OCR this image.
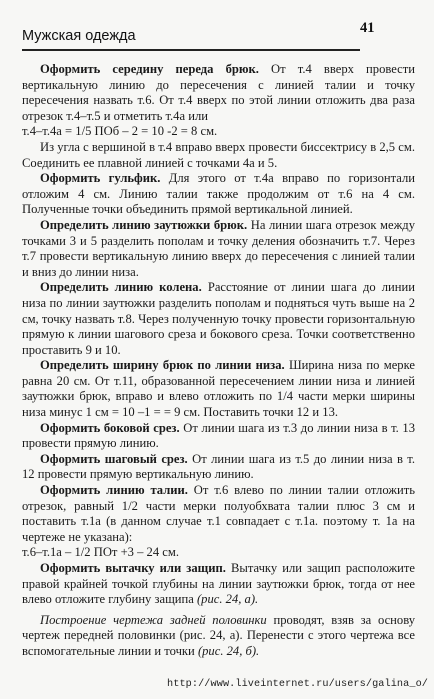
Мужская одежда	41

Оформить середину переда брюк. От т.4 вверх провести вертикальную линию до пересечения с линией талии и точку пересечения назвать т.6. От т.4 вверх по этой линии отложить два раза отрезок т.4–т.5 и отметить т.4а или

т.4–т.4а = 1/5 ПОб – 2 = 10 -2 = 8 см.

Из угла с вершиной в т.4 вправо вверх провести биссектрису в 2,5 см. Соединить ее плавной линией с точками 4а и 5.

Оформить гульфик. Для этого от т.4а вправо по горизонтали отложим 4 см. Линию талии также продолжим от т.6 на 4 см. Полученные точки объединить прямой вертикальной линией.

Определить линию заутюжки брюк. На линии шага отрезок между точками 3 и 5 разделить пополам и точку деления обозначить т.7. Через т.7 провести вертикальную линию вверх до пересечения с линией талии и вниз до линии низа.

Определить линию колена. Расстояние от линии шага до линии низа по линии заутюжки разделить пополам и подняться чуть выше на 2 см, точку назвать т.8. Через полученную точку провести горизонтальную прямую к линии шагового среза и бокового среза. Точки соответственно проставить 9 и 10.

Определить ширину брюк по линии низа. Ширина низа по мерке равна 20 см. От т.11, образованной пересечением линии низа и линией заутюжки брюк, вправо и влево отложить по 1/4 части мерки ширины низа минус 1 см = 10 –1 = = 9 см. Поставить точки 12 и 13.

Оформить боковой срез. От линии шага из т.3 до линии низа в т. 13 провести прямую линию.

Оформить шаговый срез. От линии шага из т.5 до линии низа в т. 12 провести прямую вертикальную линию.

Оформить линию талии. От т.6 влево по линии талии отложить отрезок, равный 1/2 части мерки полуобхвата талии плюс 3 см и поставить т.1а (в данном случае т.1 совпадает с т.1а. поэтому т. 1а на чертеже не указана):

т.6–т.1а – 1/2 ПОт +3 – 24 см.

Оформить вытачку или защип. Вытачку или защип расположите правой крайней точкой глубины на линии заутюжки брюк, тогда от нее влево отложите глубину защипа (рис. 24, а).

Построение чертежа задней половинки проводят, взяв за основу чертеж передней половинки (рис. 24, а). Перенести с этого чертежа все вспомогательные линии и точки (рис. 24, б).

http://www.liveinternet.ru/users/galina_o/
